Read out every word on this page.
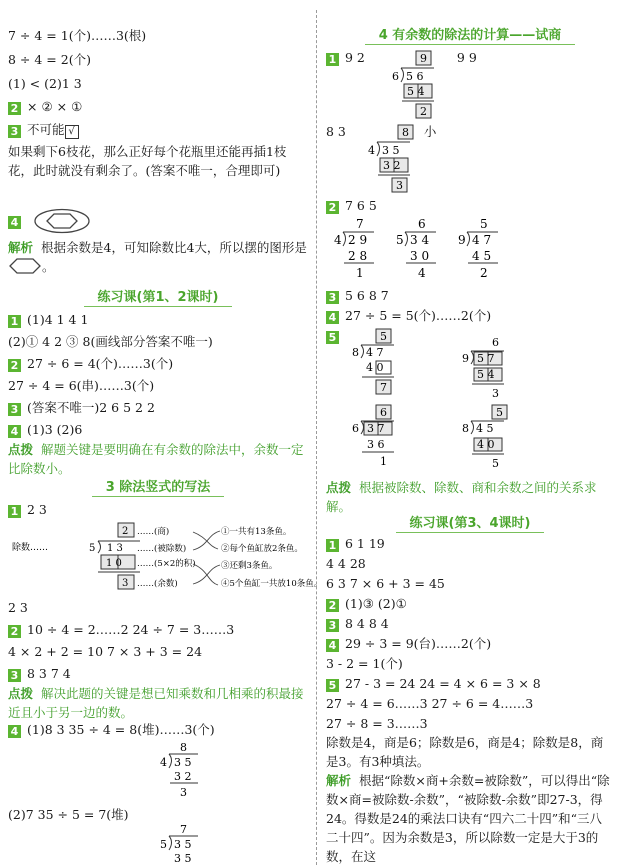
7 ÷ 4 = 1(个)……3(根)
8 ÷ 4 = 2(个)
(1) < (2)1 3
2 × ② × ①
3 不可能 √
如果剩下6枝花，那么正好每个花瓶里还能再插1枝花，此时就没有剩余了。(答案不唯一，合理即可)
4
解析 根据余数是4，可知除数比4大，所以摆的图形是。
练习课(第1、2课时)
1 (1)4 1 4 1
(2)① 4 2 ③ 8(画线部分答案不唯一)
2 27 ÷ 6 = 4(个)……3(个)
27 ÷ 4 = 6(串)……3(个)
3 (答案不唯一)2 6 5 2 2
4 (1)3 (2)6
点拨 解题关键是要明确在有余数的除法中，余数一定比除数小。
3 除法竖式的写法
1 2 3
除数……
2
5 1 3
1 0
3
……(商)
……(被除数)
……(5×2的积)
……(余数)
①一共有13条鱼。
②每个鱼缸放2条鱼。
③还剩3条鱼。
④5个鱼缸一共放10条鱼。
2 3
2 10 ÷ 4 = 2……2 24 ÷ 7 = 3……3
4 × 2 + 2 = 10 7 × 3 + 3 = 24
3 8 3 7 4
点拨 解决此题的关键是想已知乘数和几相乘的积最接近且小于另一边的数。
4 (1)8 3 35 ÷ 4 = 8(堆)……3(个)
8
4 3 5
3 2
3
(2)7 35 ÷ 5 = 7(堆)
7
5 3 5
3 5
4 有余数的除法的计算——试商
1 9 2	9 9
9
6 5 6
5 4
2
8 3	小
8
4 3 5
3 2
3
2 7 6 5
7
4 2 9
2 8
1
6
5 3 4
3 0
4
5
9 4 7
4 5
2
3 5 6 8 7
4 27 ÷ 5 = 5(个)……2(个)
5	5
8 4 7
4 0
7
6
9 5 7
5 4
3
6
6 3 7
3 6
1
5
8 4 5
4 0
5
点拨 根据被除数、除数、商和余数之间的关系求解。
练习课(第3、4课时)
1 6 1 19
4 4 28
6 3 7 × 6 + 3 = 45
2 (1)③ (2)①
3 8 4 8 4
4 29 ÷ 3 = 9(台)……2(个)
3 - 2 = 1(个)
5 27 - 3 = 24 24 = 4 × 6 = 3 × 8
27 ÷ 4 = 6……3 27 ÷ 6 = 4……3
27 ÷ 8 = 3……3
除数是4，商是6；除数是6，商是4；除数是8，商是3。有3种填法。
解析 根据“除数×商+余数=被除数”，可以得出“除数×商=被除数-余数”，“被除数-余数”即27-3，得24。得数是24的乘法口诀有“四六二十四”和“三八二十四”。因为余数是3，所以除数一定是大于3的数，在这
